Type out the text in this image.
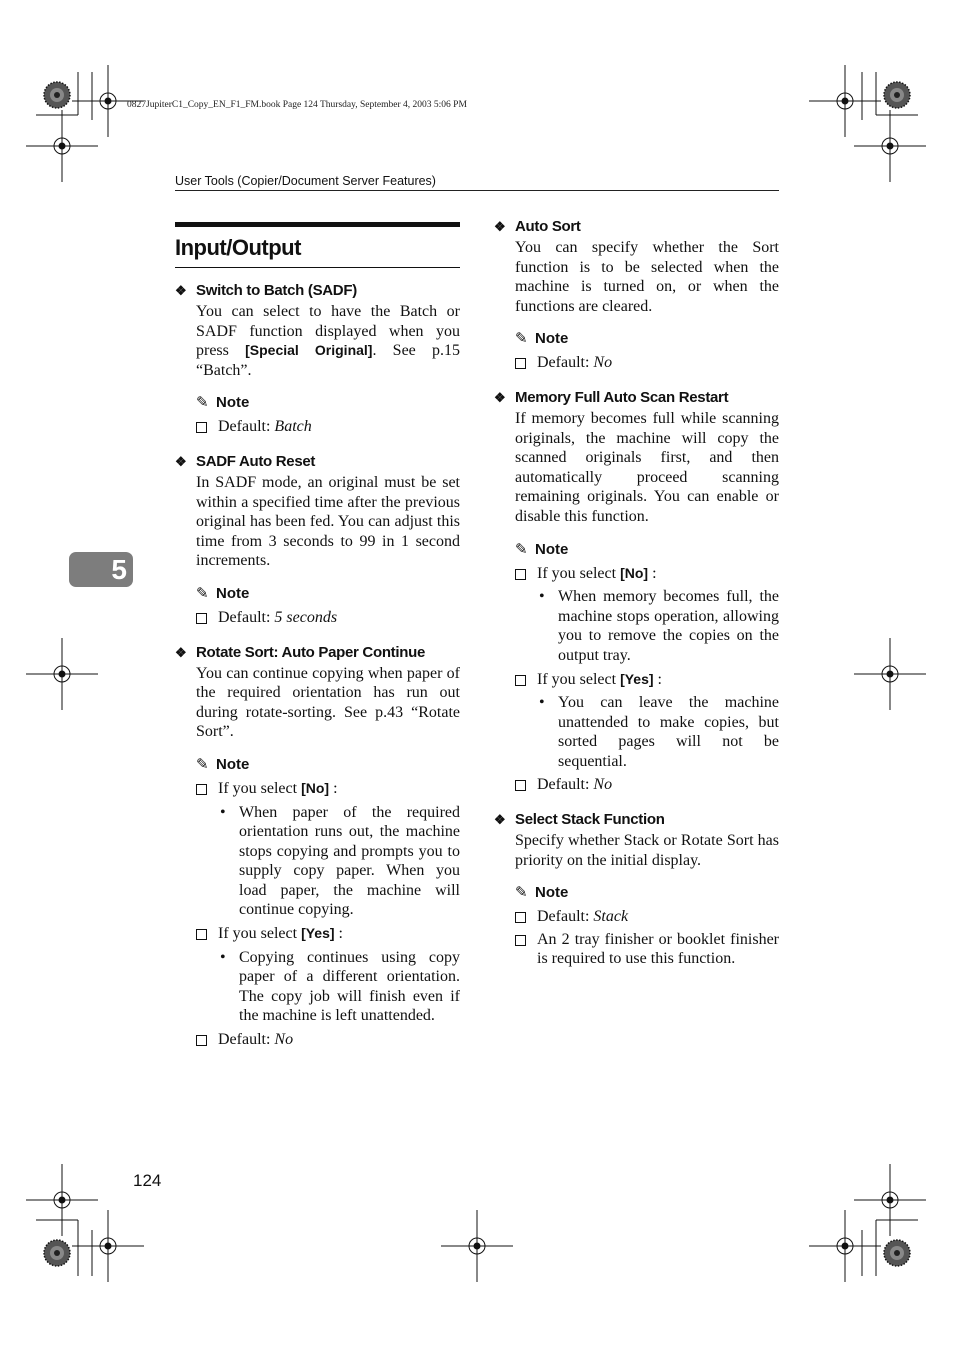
0827JupiterC1_Copy_EN_F1_FM.book Page 124 Thursday, September 4, 2003 5:06 PM
User Tools (Copier/Document Server Features)
5
Input/Output
❖ Switch to Batch (SADF)
You can select to have the Batch or SADF function displayed when you press [Special Original]. See p.15 “Batch”.
✎ Note
Default: Batch
❖ SADF Auto Reset
In SADF mode, an original must be set within a specified time after the previous original has been fed. You can adjust this time from 3 seconds to 99 in 1 second increments.
✎ Note
Default: 5 seconds
❖ Rotate Sort: Auto Paper Continue
You can continue copying when paper of the required orientation has run out during rotate-sorting. See p.43 “Rotate Sort”.
✎ Note
If you select [No] :
• When paper of the required orientation runs out, the machine stops copying and prompts you to supply copy paper. When you load paper, the machine will continue copying.
If you select [Yes] :
• Copying continues using copy paper of a different orientation. The copy job will finish even if the machine is left unattended.
Default: No
❖ Auto Sort
You can specify whether the Sort function is to be selected when the machine is turned on, or when the functions are cleared.
✎ Note
Default: No
❖ Memory Full Auto Scan Restart
If memory becomes full while scanning originals, the machine will copy the scanned originals first, and then automatically proceed scanning remaining originals. You can enable or disable this function.
✎ Note
If you select [No] :
• When memory becomes full, the machine stops operation, allowing you to remove the copies on the output tray.
If you select [Yes] :
• You can leave the machine unattended to make copies, but sorted pages will not be sequential.
Default: No
❖ Select Stack Function
Specify whether Stack or Rotate Sort has priority on the initial display.
✎ Note
Default: Stack
An 2 tray finisher or booklet finisher is required to use this function.
124
